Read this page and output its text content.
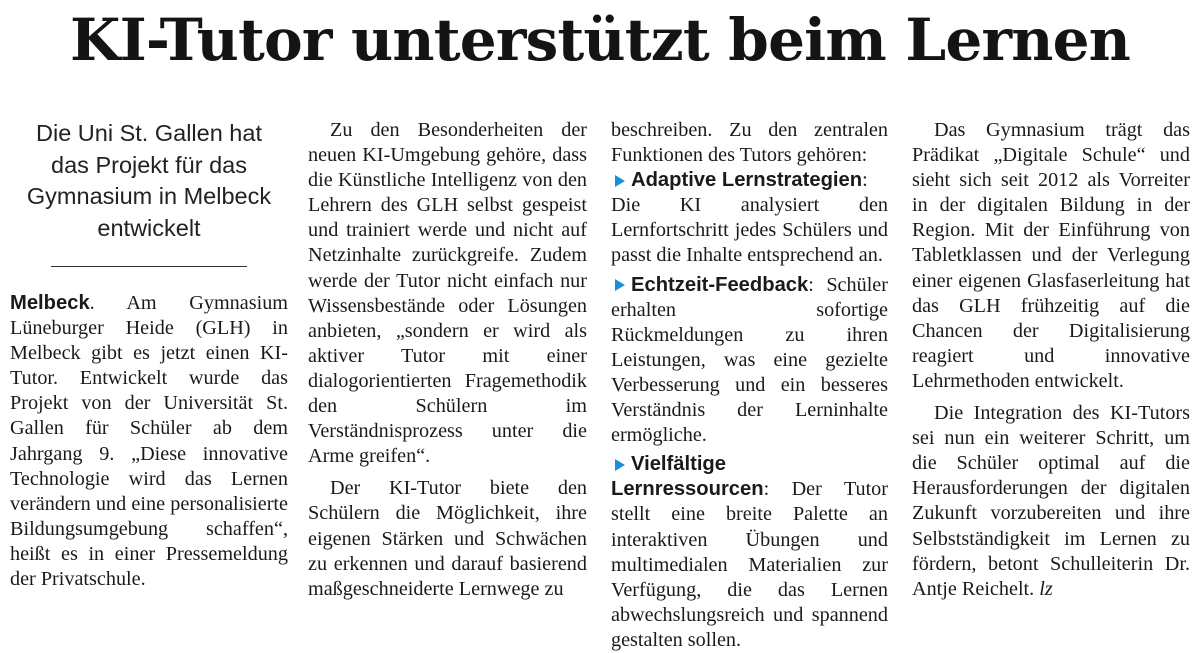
KI-Tutor unterstützt beim Lernen
Die Uni St. Gallen hat das Projekt für das Gymnasium in Melbeck entwickelt

Melbeck. Am Gymnasium Lüneburger Heide (GLH) in Melbeck gibt es jetzt einen KI-Tutor. Entwickelt wurde das Projekt von der Universität St. Gallen für Schüler ab dem Jahrgang 9. „Diese innovative Technologie wird das Lernen verändern und eine personalisierte Bildungsumgebung schaffen“, heißt es in einer Pressemeldung der Privatschule.

Zu den Besonderheiten der neuen KI-Umgebung gehöre, dass die Künstliche Intelligenz von den Lehrern des GLH selbst gespeist und trainiert werde und nicht auf Netzinhalte zurückgreife. Zudem werde der Tutor nicht einfach nur Wissensbestände oder Lösungen anbieten, „sondern er wird als aktiver Tutor mit einer dialogorientierten Fragemethodik den Schülern im Verständnisprozess unter die Arme greifen“.

Der KI-Tutor biete den Schülern die Möglichkeit, ihre eigenen Stärken und Schwächen zu erkennen und darauf basierend maßgeschneiderte Lernwege zu

beschreiben. Zu den zentralen Funktionen des Tutors gehören:

Adaptive Lernstrategien:
Die KI analysiert den Lernfortschritt jedes Schülers und passt die Inhalte entsprechend an.

Echtzeit-Feedback: Schüler erhalten sofortige Rückmeldungen zu ihren Leistungen, was eine gezielte Verbesserung und ein besseres Verständnis der Lerninhalte ermögliche.

Vielfältige Lernressourcen: Der Tutor stellt eine breite Palette an interaktiven Übungen und multimedialen Materialien zur Verfügung, die das Lernen abwechslungsreich und spannend gestalten sollen.

Das Gymnasium trägt das Prädikat „Digitale Schule“ und sieht sich seit 2012 als Vorreiter in der digitalen Bildung in der Region. Mit der Einführung von Tabletklassen und der Verlegung einer eigenen Glasfaserleitung hat das GLH frühzeitig auf die Chancen der Digitalisierung reagiert und innovative Lehrmethoden entwickelt.

Die Integration des KI-Tutors sei nun ein weiterer Schritt, um die Schüler optimal auf die Herausforderungen der digitalen Zukunft vorzubereiten und ihre Selbstständigkeit im Lernen zu fördern, betont Schulleiterin Dr. Antje Reichelt. lz
